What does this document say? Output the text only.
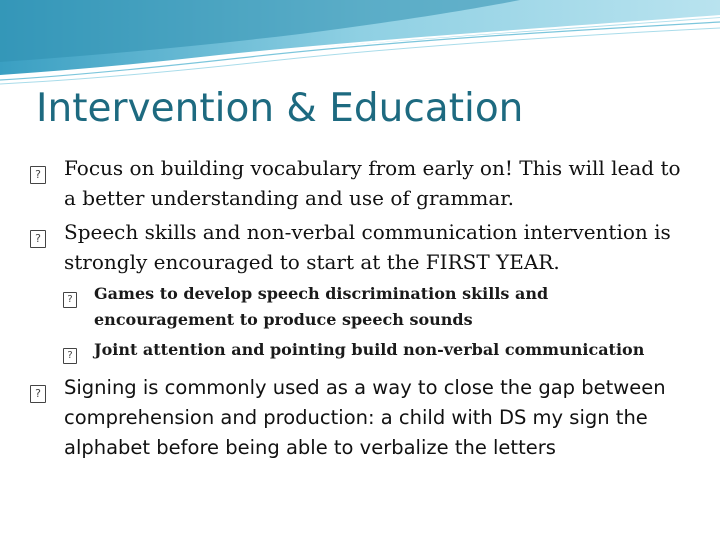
Intervention & Education
?	Focus on building vocabulary from early on! This will lead to a better understanding and use of grammar.
?	Speech skills and non-verbal communication intervention is strongly encouraged to start at the FIRST YEAR.
?	Games to develop speech discrimination skills and encouragement to produce speech sounds
?	Joint attention and pointing build non-verbal communication
?	Signing is commonly used as a way to close the gap between comprehension and production: a child with DS my sign the alphabet before being able to verbalize the letters
